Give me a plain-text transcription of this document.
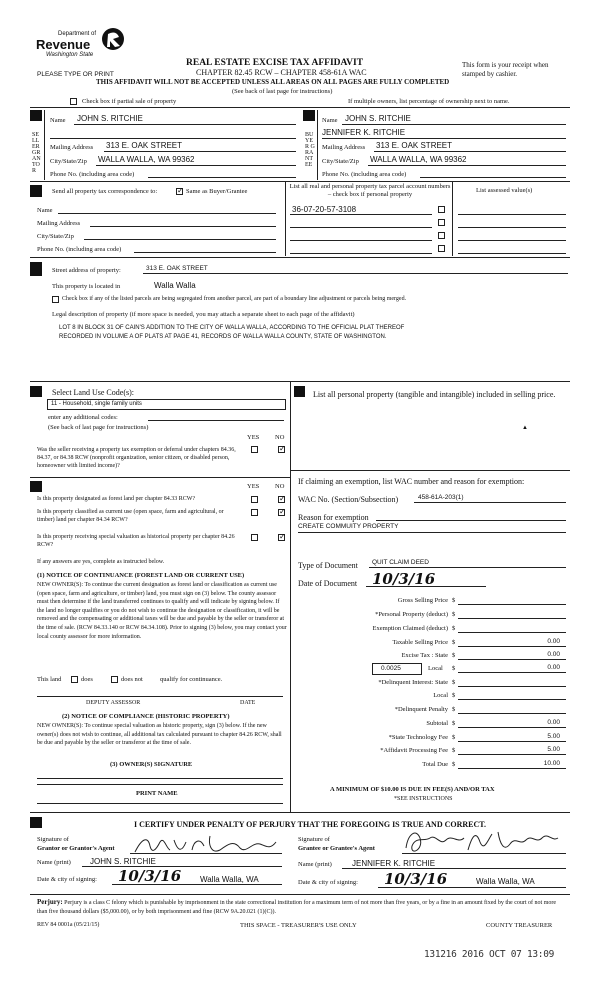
Department of
Revenue
Washington State
REAL ESTATE EXCISE TAX AFFIDAVIT
CHAPTER 82.45 RCW – CHAPTER 458-61A WAC
THIS AFFIDAVIT WILL NOT BE ACCEPTED UNLESS ALL AREAS ON ALL PAGES ARE FULLY COMPLETED
(See back of last page for instructions)
PLEASE TYPE OR PRINT
This form is your receipt when stamped by cashier.
Check box if partial sale of property	If multiple owners, list percentage of ownership next to name.
SELLER GRANTOR
Name JOHN S. RITCHIE
Mailing Address 313 E. OAK STREET
City/State/Zip WALLA WALLA, WA 99362
Phone No. (including area code)
BUYER GRANTEE
Name JOHN S. RITCHIE
JENNIFER K. RITCHIE
Mailing Address 313 E. OAK STREET
City/State/Zip WALLA WALLA, WA 99362
Phone No. (including area code)
Send all property tax correspondence to:
✓	Same as Buyer/Grantee
Name
Mailing Address
City/State/Zip
Phone No. (including area code)
List all real and personal property tax parcel account numbers – check box if personal property
List assessed value(s)
36-07-20-57-3108
Street address of property:	313 E. OAK STREET
This property is located in	Walla Walla
Check box if any of the listed parcels are being segregated from another parcel, are part of a boundary line adjustment or parcels being merged.
Legal description of property (if more space is needed, you may attach a separate sheet to each page of the affidavit)
LOT 8 IN BLOCK 31 OF CAIN'S ADDITION TO THE CITY OF WALLA WALLA, ACCORDING TO THE OFFICIAL PLAT THEREOF
RECORDED IN VOLUME A OF PLATS AT PAGE 41, RECORDS OF WALLA WALLA COUNTY, STATE OF WASHINGTON.
Select Land Use Code(s):
11 - Household, single family units
enter any additional codes:
(See back of last page for instructions)
YES NO
Was the seller receiving a property tax exemption or deferral under chapters 84.36, 84.37, or 84.38 RCW (nonprofit organization, senior citizen, or disabled person, homeowner with limited income)?
✓
List all personal property (tangible and intangible) included in selling price.
▲
YES NO
Is this property designated as forest land per chapter 84.33 RCW?
✓
Is this property classified as current use (open space, farm and agricultural, or timber) land per chapter 84.34 RCW?
✓
Is this property receiving special valuation as historical property per chapter 84.26 RCW?
✓
If any answers are yes, complete as instructed below.
(1) NOTICE OF CONTINUANCE (FOREST LAND OR CURRENT USE)
NEW OWNER(S): To continue the current designation as forest land or classification as current use (open space, farm and agriculture, or timber) land, you must sign on (3) below. The county assessor must then determine if the land transferred continues to qualify and will indicate by signing below. If the land no longer qualifies or you do not wish to continue the designation or classification, it will be removed and the compensating or additional taxes will be due and payable by the seller or transferor at the time of sale. (RCW 84.33.140 or RCW 84.34.108). Prior to signing (3) below, you may contact your local county assessor for more information.
This land	does	does not	qualify for continuance.
DEPUTY ASSESSOR	DATE
(2) NOTICE OF COMPLIANCE (HISTORIC PROPERTY)
NEW OWNER(S): To continue special valuation as historic property, sign (3) below. If the new owner(s) does not wish to continue, all additional tax calculated pursuant to chapter 84.26 RCW, shall be due and payable by the seller or transferor at the time of sale.
(3) OWNER(S) SIGNATURE
PRINT NAME
If claiming an exemption, list WAC number and reason for exemption:
WAC No. (Section/Subsection)	458-61A-203(1)
Reason for exemption
CREATE COMMUITY PROPERTY
Type of Document QUIT CLAIM DEED
Date of Document 10/3/16
Gross Selling Price $
*Personal Property (deduct) $
Exemption Claimed (deduct) $
Taxable Selling Price $	0.00
Excise Tax : State $	0.00
0.0025	Local $	0.00
*Delinquent Interest: State $
Local $
*Delinquent Penalty $
Subtotal $	0.00
*State Technology Fee $	5.00
*Affidavit Processing Fee $	5.00
Total Due $	10.00
A MINIMUM OF $10.00 IS DUE IN FEE(S) AND/OR TAX
*SEE INSTRUCTIONS
I CERTIFY UNDER PENALTY OF PERJURY THAT THE FOREGOING IS TRUE AND CORRECT.
Signature of
Grantor or Grantor's Agent
Name (print) JOHN S. RITCHIE
Date & city of signing: 10/3/16 Walla Walla, WA
Signature of
Grantee or Grantee's Agent
Name (print)	JENNIFER K. RITCHIE
Date & city of signing: 10/3/16	Walla Walla, WA
Perjury: Perjury is a class C felony which is punishable by imprisonment in the state correctional institution for a maximum term of not more than five years, or by a fine in an amount fixed by the court of not more than five thousand dollars ($5,000.00), or by both imprisonment and fine (RCW 9A.20.021 (1)(C)).
REV 84 0001a (05/21/15)	THIS SPACE - TREASURER'S USE ONLY	COUNTY TREASURER
131216 2016 OCT 07 13:09
